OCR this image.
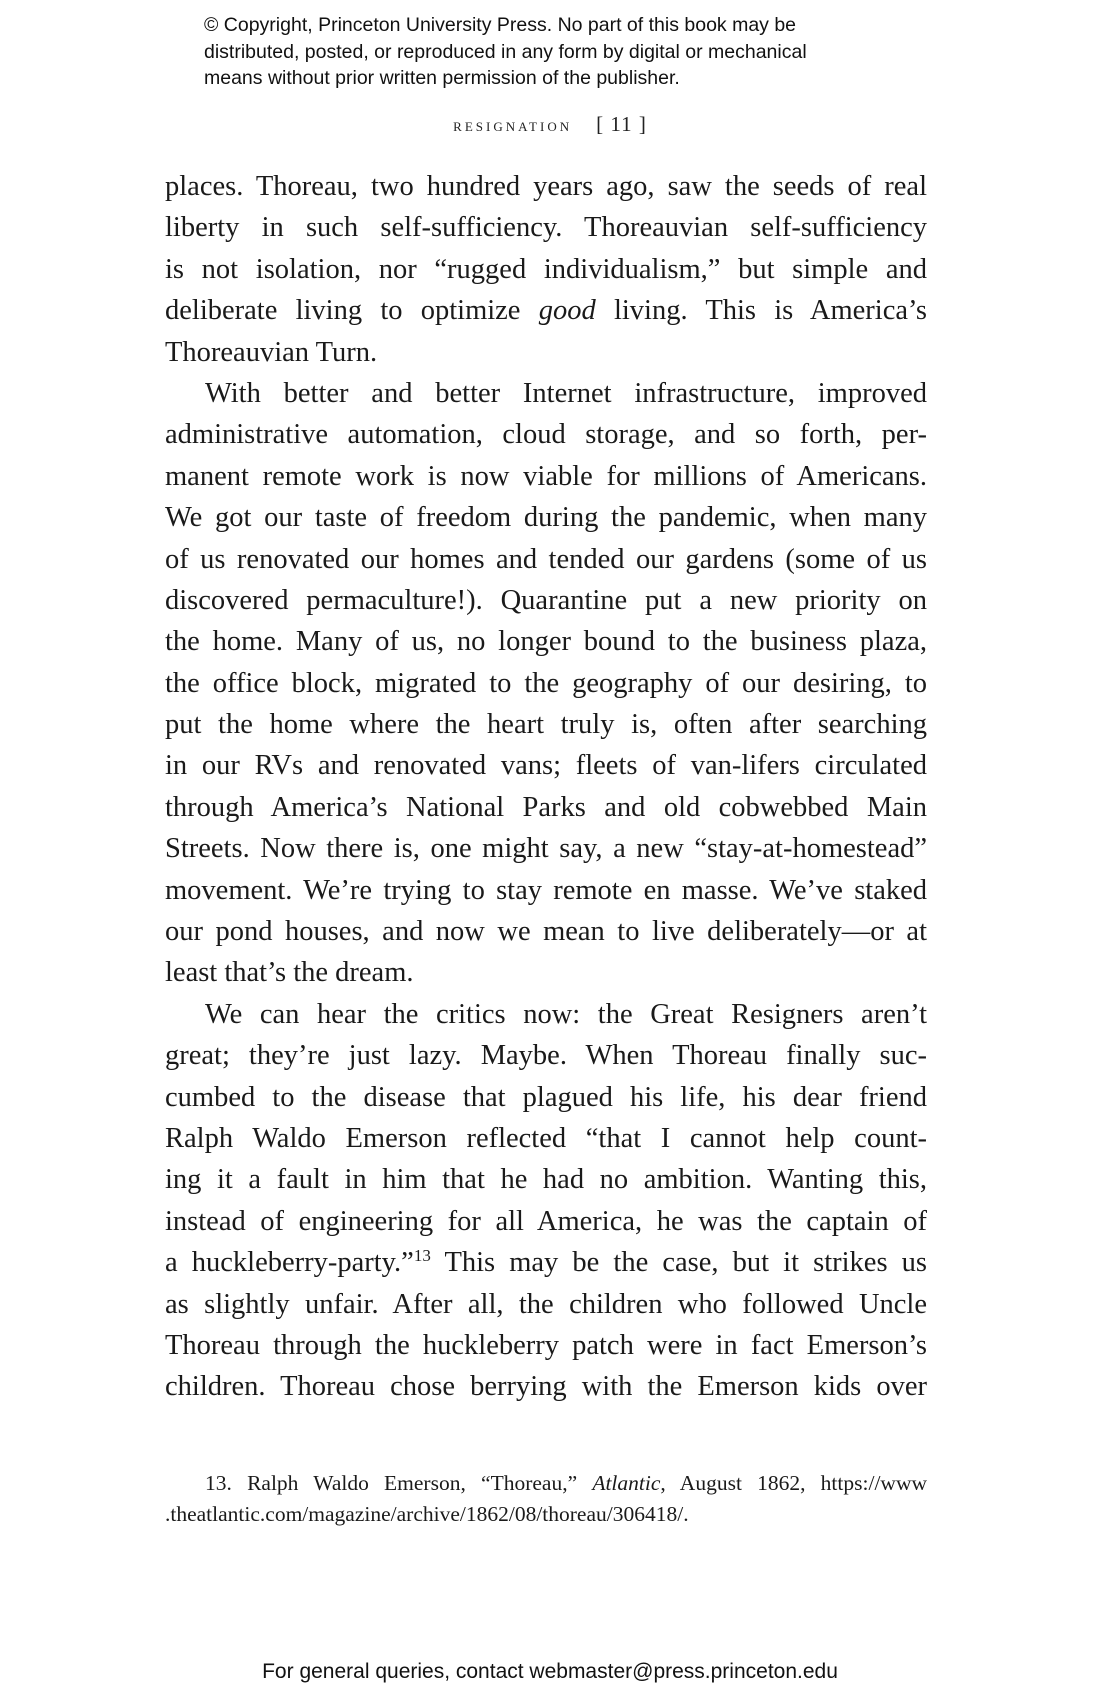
© Copyright, Princeton University Press. No part of this book may be
distributed, posted, or reproduced in any form by digital or mechanical
means without prior written permission of the publisher.
resignation [ 11 ]
places. Thoreau, two hundred years ago, saw the seeds of real
liberty in such self-sufficiency. Thoreauvian self-sufficiency
is not isolation, nor “rugged individualism,” but simple and
deliberate living to optimize good living. This is America’s
Thoreauvian Turn.
With better and better Internet infrastructure, improved
administrative automation, cloud storage, and so forth, per-
manent remote work is now viable for millions of Americans.
We got our taste of freedom during the pandemic, when many
of us renovated our homes and tended our gardens (some of us
discovered permaculture!). Quarantine put a new priority on
the home. Many of us, no longer bound to the business plaza,
the office block, migrated to the geography of our desiring, to
put the home where the heart truly is, often after searching
in our RVs and renovated vans; fleets of van-lifers circulated
through America’s National Parks and old cobwebbed Main
Streets. Now there is, one might say, a new “stay-at-homestead”
movement. We’re trying to stay remote en masse. We’ve staked
our pond houses, and now we mean to live deliberately—or at
least that’s the dream.
We can hear the critics now: the Great Resigners aren’t
great; they’re just lazy. Maybe. When Thoreau finally suc-
cumbed to the disease that plagued his life, his dear friend
Ralph Waldo Emerson reflected “that I cannot help count-
ing it a fault in him that he had no ambition. Wanting this,
instead of engineering for all America, he was the captain of
a huckleberry-party.”$^{13}$ This may be the case, but it strikes us
as slightly unfair. After all, the children who followed Uncle
Thoreau through the huckleberry patch were in fact Emerson’s
children. Thoreau chose berrying with the Emerson kids over
13. Ralph Waldo Emerson, “Thoreau,” Atlantic, August 1862, https://www
.theatlantic.com/magazine/archive/1862/08/thoreau/306418/.
For general queries, contact webmaster@press.princeton.edu
